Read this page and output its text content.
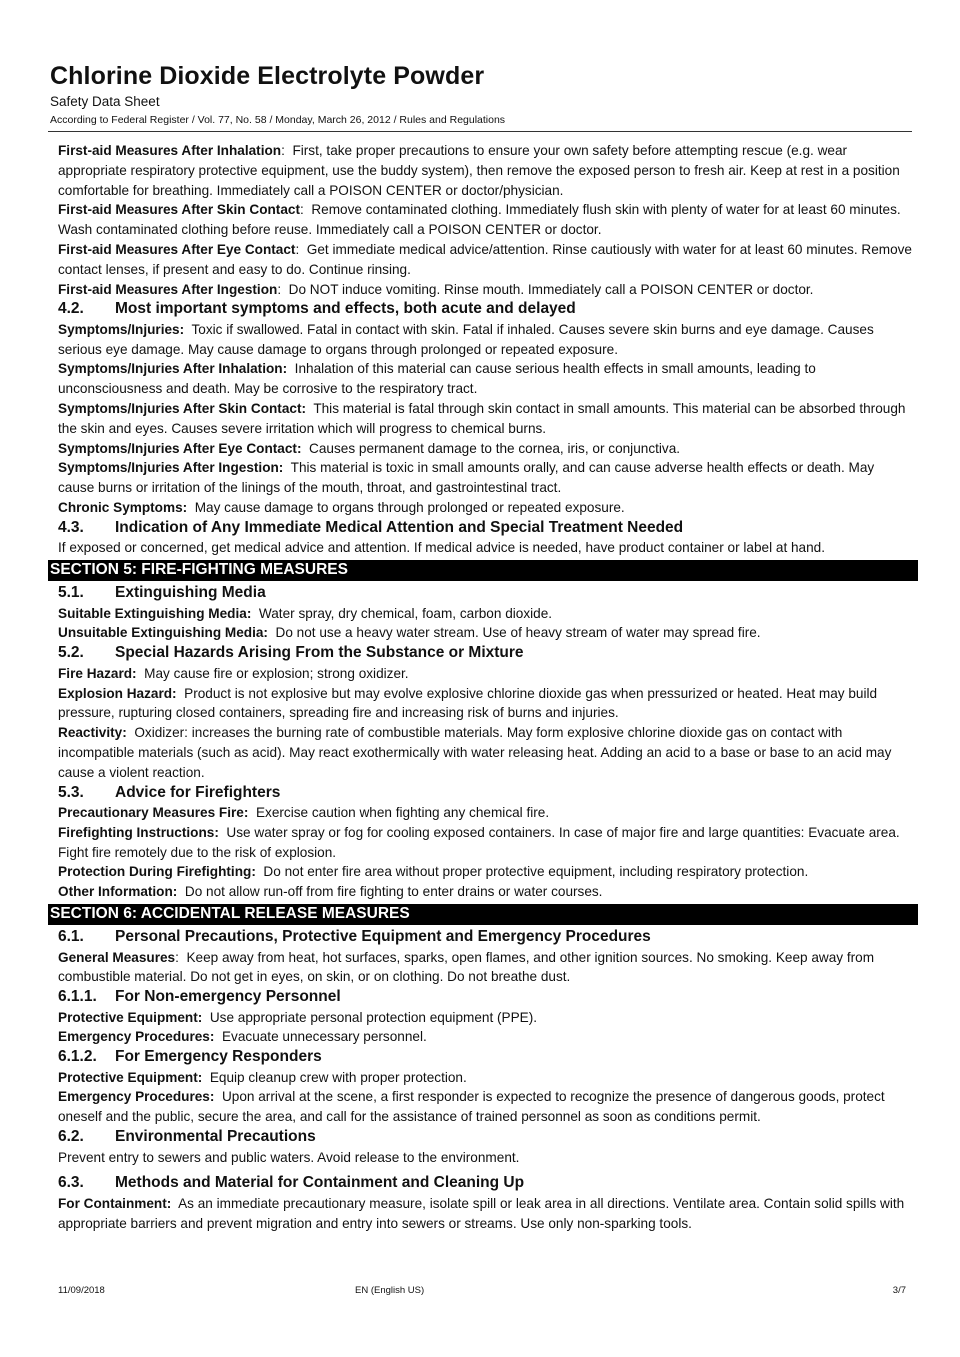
Chlorine Dioxide Electrolyte Powder
Safety Data Sheet
According to Federal Register / Vol. 77, No. 58 / Monday, March 26, 2012 / Rules and Regulations

First-aid Measures After Inhalation:  First, take proper precautions to ensure your own safety before attempting rescue (e.g. wear appropriate respiratory protective equipment, use the buddy system), then remove the exposed person to fresh air. Keep at rest in a position comfortable for breathing. Immediately call a POISON CENTER or doctor/physician.

First-aid Measures After Skin Contact:  Remove contaminated clothing. Immediately flush skin with plenty of water for at least 60 minutes. Wash contaminated clothing before reuse. Immediately call a POISON CENTER or doctor.

First-aid Measures After Eye Contact:  Get immediate medical advice/attention. Rinse cautiously with water for at least 60 minutes. Remove contact lenses, if present and easy to do. Continue rinsing.

First-aid Measures After Ingestion:  Do NOT induce vomiting. Rinse mouth. Immediately call a POISON CENTER or doctor.

4.2. Most important symptoms and effects, both acute and delayed

Symptoms/Injuries: Toxic if swallowed. Fatal in contact with skin. Fatal if inhaled. Causes severe skin burns and eye damage. Causes serious eye damage. May cause damage to organs through prolonged or repeated exposure.

Symptoms/Injuries After Inhalation: Inhalation of this material can cause serious health effects in small amounts, leading to unconsciousness and death. May be corrosive to the respiratory tract.

Symptoms/Injuries After Skin Contact: This material is fatal through skin contact in small amounts. This material can be absorbed through the skin and eyes. Causes severe irritation which will progress to chemical burns.

Symptoms/Injuries After Eye Contact: Causes permanent damage to the cornea, iris, or conjunctiva.

Symptoms/Injuries After Ingestion: This material is toxic in small amounts orally, and can cause adverse health effects or death. May cause burns or irritation of the linings of the mouth, throat, and gastrointestinal tract.

Chronic Symptoms: May cause damage to organs through prolonged or repeated exposure.

4.3. Indication of Any Immediate Medical Attention and Special Treatment Needed

If exposed or concerned, get medical advice and attention. If medical advice is needed, have product container or label at hand.

SECTION 5: FIRE-FIGHTING MEASURES

5.1. Extinguishing Media

Suitable Extinguishing Media: Water spray, dry chemical, foam, carbon dioxide.

Unsuitable Extinguishing Media: Do not use a heavy water stream. Use of heavy stream of water may spread fire.

5.2. Special Hazards Arising From the Substance or Mixture

Fire Hazard: May cause fire or explosion; strong oxidizer.

Explosion Hazard: Product is not explosive but may evolve explosive chlorine dioxide gas when pressurized or heated. Heat may build pressure, rupturing closed containers, spreading fire and increasing risk of burns and injuries.

Reactivity: Oxidizer: increases the burning rate of combustible materials. May form explosive chlorine dioxide gas on contact with incompatible materials (such as acid). May react exothermically with water releasing heat. Adding an acid to a base or base to an acid may cause a violent reaction.

5.3. Advice for Firefighters

Precautionary Measures Fire: Exercise caution when fighting any chemical fire.

Firefighting Instructions: Use water spray or fog for cooling exposed containers. In case of major fire and large quantities: Evacuate area. Fight fire remotely due to the risk of explosion.

Protection During Firefighting: Do not enter fire area without proper protective equipment, including respiratory protection.

Other Information: Do not allow run-off from fire fighting to enter drains or water courses.

SECTION 6: ACCIDENTAL RELEASE MEASURES

6.1. Personal Precautions, Protective Equipment and Emergency Procedures

General Measures:  Keep away from heat, hot surfaces, sparks, open flames, and other ignition sources. No smoking. Keep away from combustible material. Do not get in eyes, on skin, or on clothing. Do not breathe dust.

6.1.1. For Non-emergency Personnel

Protective Equipment: Use appropriate personal protection equipment (PPE).

Emergency Procedures: Evacuate unnecessary personnel.

6.1.2. For Emergency Responders

Protective Equipment: Equip cleanup crew with proper protection.

Emergency Procedures: Upon arrival at the scene, a first responder is expected to recognize the presence of dangerous goods, protect oneself and the public, secure the area, and call for the assistance of trained personnel as soon as conditions permit.

6.2. Environmental Precautions

Prevent entry to sewers and public waters. Avoid release to the environment.

6.3. Methods and Material for Containment and Cleaning Up

For Containment: As an immediate precautionary measure, isolate spill or leak area in all directions. Ventilate area. Contain solid spills with appropriate barriers and prevent migration and entry into sewers or streams. Use only non-sparking tools.

11/09/2018	EN (English US)	3/7
